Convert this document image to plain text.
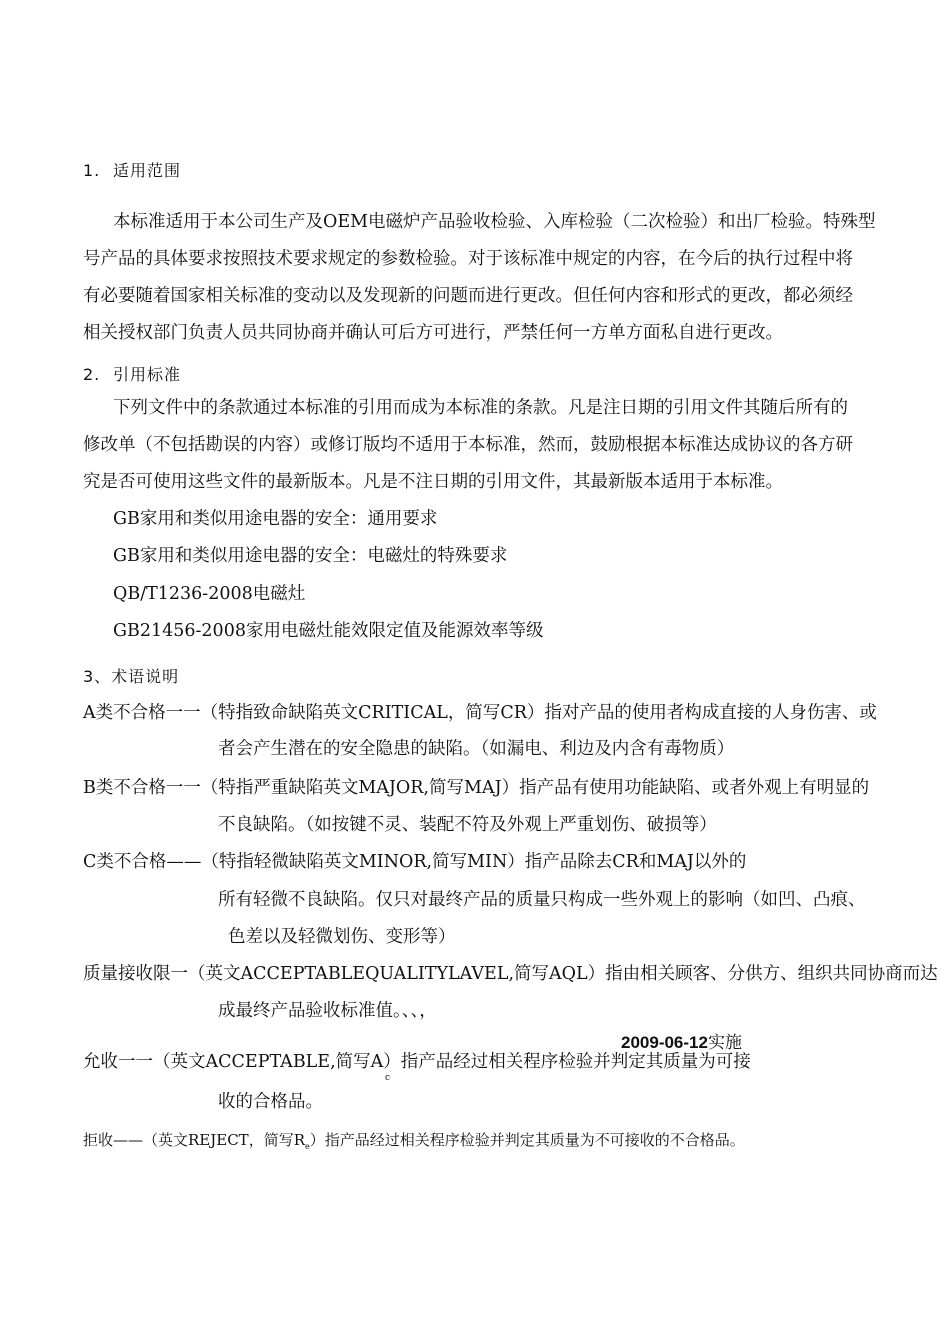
1. 适用范围

本标准适用于本公司生产及OEM电磁炉产品验收检验、入库检验（二次检验）和出厂检验。特殊型

号产品的具体要求按照技术要求规定的参数检验。对于该标准中规定的内容，在今后的执行过程中将

有必要随着国家相关标准的变动以及发现新的问题而进行更改。但任何内容和形式的更改，都必须经

相关授权部门负责人员共同协商并确认可后方可进行，严禁任何一方单方面私自进行更改。

2. 引用标准

下列文件中的条款通过本标准的引用而成为本标准的条款。凡是注日期的引用文件其随后所有的

修改单（不包括勘误的内容）或修订版均不适用于本标准，然而，鼓励根据本标准达成协议的各方研

究是否可使用这些文件的最新版本。凡是不注日期的引用文件，其最新版本适用于本标准。

GB家用和类似用途电器的安全：通用要求

GB家用和类似用途电器的安全：电磁灶的特殊要求

QB/T1236-2008电磁灶

GB21456-2008家用电磁灶能效限定值及能源效率等级

3、术语说明

A类不合格一一（特指致命缺陷英文CRITICAL，简写CR）指对产品的使用者构成直接的人身伤害、或

者会产生潜在的安全隐患的缺陷。（如漏电、利边及内含有毒物质）

B类不合格一一（特指严重缺陷英文MAJOR,简写MAJ）指产品有使用功能缺陷、或者外观上有明显的

不良缺陷。（如按键不灵、装配不符及外观上严重划伤、破损等）

C类不合格——（特指轻微缺陷英文MINOR,简写MIN）指产品除去CR和MAJ以外的

所有轻微不良缺陷。仅只对最终产品的质量只构成一些外观上的影响（如凹、凸痕、

色差以及轻微划伤、变形等）

质量接收限一（英文ACCEPTABLEQUALITYLAVEL,简写AQL）指由相关顾客、分供方、组织共同协商而达

成最终产品验收标准值。、、，

2009-06-12实施

允收一一（英文ACCEPTABLE,简写A）指产品经过相关程序检验并判定其质量为可接

c

收的合格品。

拒收——（英文REJECT，简写$R_e$）指产品经过相关程序检验并判定其质量为不可接收的不合格品。
